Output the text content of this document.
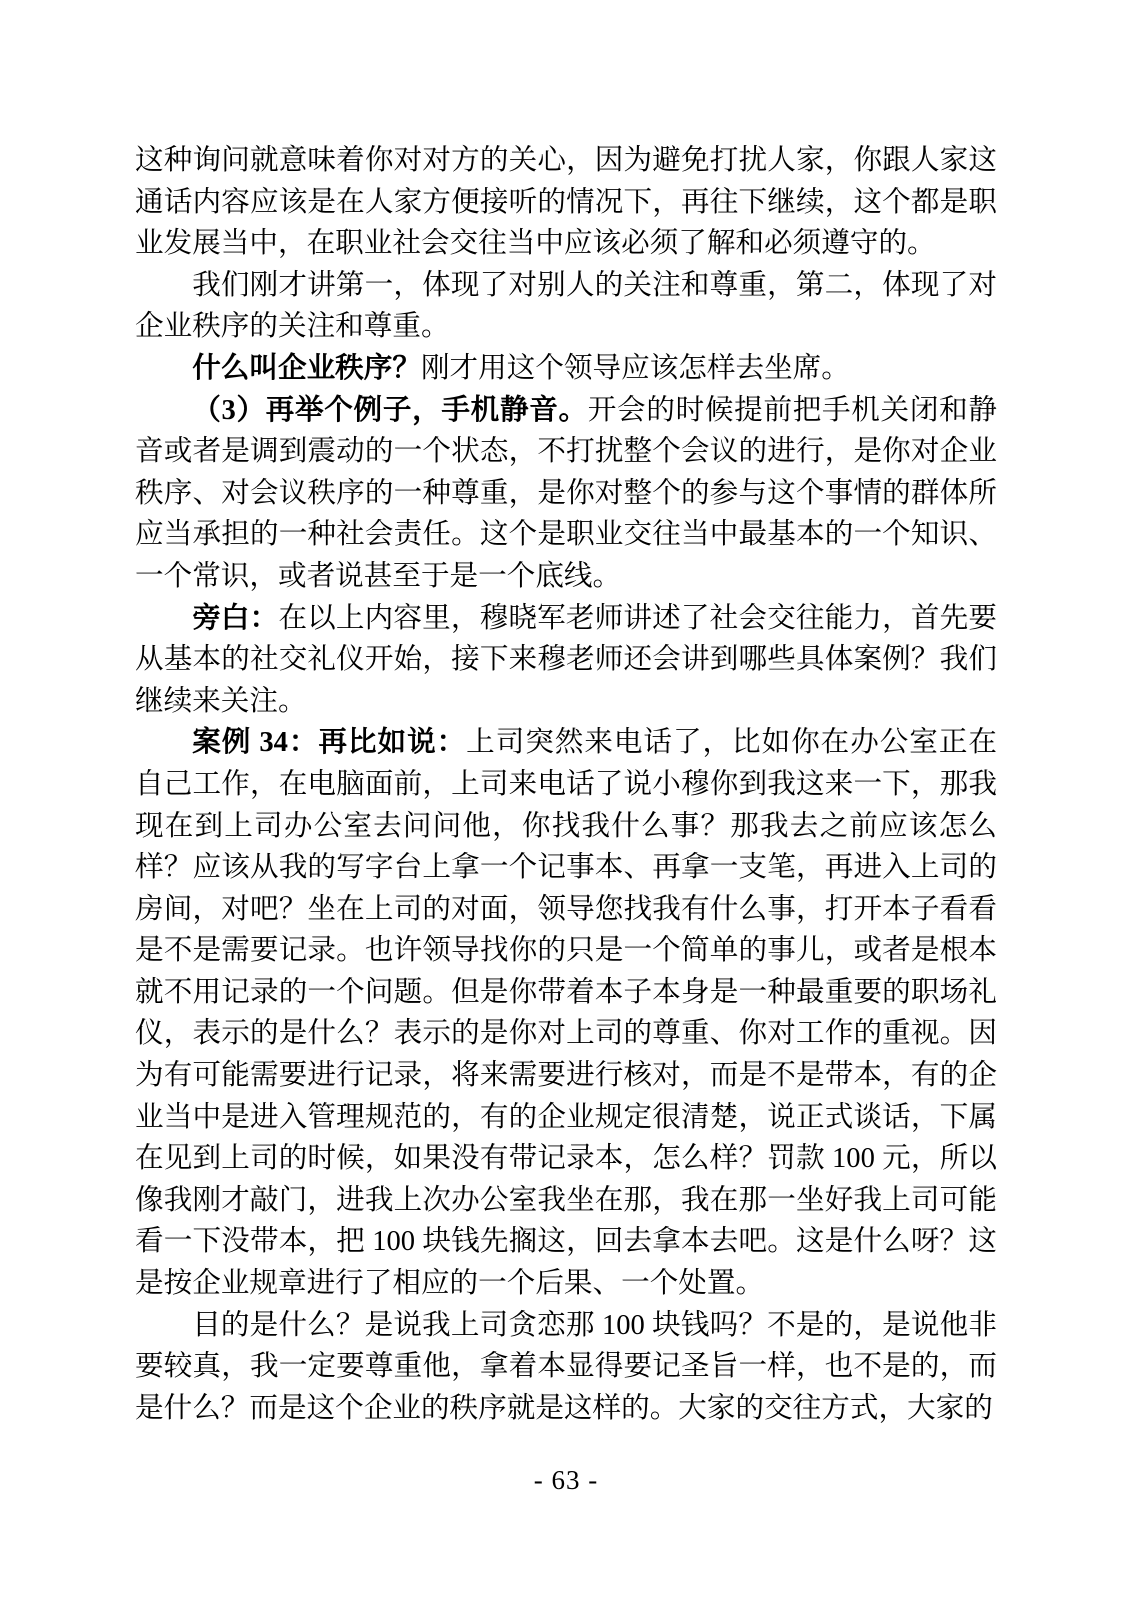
这种询问就意味着你对对方的关心，因为避免打扰人家，你跟人家这通话内容应该是在人家方便接听的情况下，再往下继续，这个都是职业发展当中，在职业社会交往当中应该必须了解和必须遵守的。

我们刚才讲第一，体现了对别人的关注和尊重，第二，体现了对企业秩序的关注和尊重。

什么叫企业秩序？刚才用这个领导应该怎样去坐席。

（3）再举个例子，手机静音。开会的时候提前把手机关闭和静音或者是调到震动的一个状态，不打扰整个会议的进行，是你对企业秩序、对会议秩序的一种尊重，是你对整个的参与这个事情的群体所应当承担的一种社会责任。这个是职业交往当中最基本的一个知识、一个常识，或者说甚至于是一个底线。

旁白：在以上内容里，穆晓军老师讲述了社会交往能力，首先要从基本的社交礼仪开始，接下来穆老师还会讲到哪些具体案例？我们继续来关注。

案例 34：再比如说：上司突然来电话了，比如你在办公室正在自己工作，在电脑面前，上司来电话了说小穆你到我这来一下，那我现在到上司办公室去问问他，你找我什么事？那我去之前应该怎么样？应该从我的写字台上拿一个记事本、再拿一支笔，再进入上司的房间，对吧？坐在上司的对面，领导您找我有什么事，打开本子看看是不是需要记录。也许领导找你的只是一个简单的事儿，或者是根本就不用记录的一个问题。但是你带着本子本身是一种最重要的职场礼仪，表示的是什么？表示的是你对上司的尊重、你对工作的重视。因为有可能需要进行记录，将来需要进行核对，而是不是带本，有的企业当中是进入管理规范的，有的企业规定很清楚，说正式谈话，下属在见到上司的时候，如果没有带记录本，怎么样？罚款 100 元，所以像我刚才敲门，进我上次办公室我坐在那，我在那一坐好我上司可能看一下没带本，把 100 块钱先搁这，回去拿本去吧。这是什么呀？这是按企业规章进行了相应的一个后果、一个处置。

目的是什么？是说我上司贪恋那 100 块钱吗？不是的，是说他非要较真，我一定要尊重他，拿着本显得要记圣旨一样，也不是的，而是什么？而是这个企业的秩序就是这样的。大家的交往方式，大家的

- 63 -
